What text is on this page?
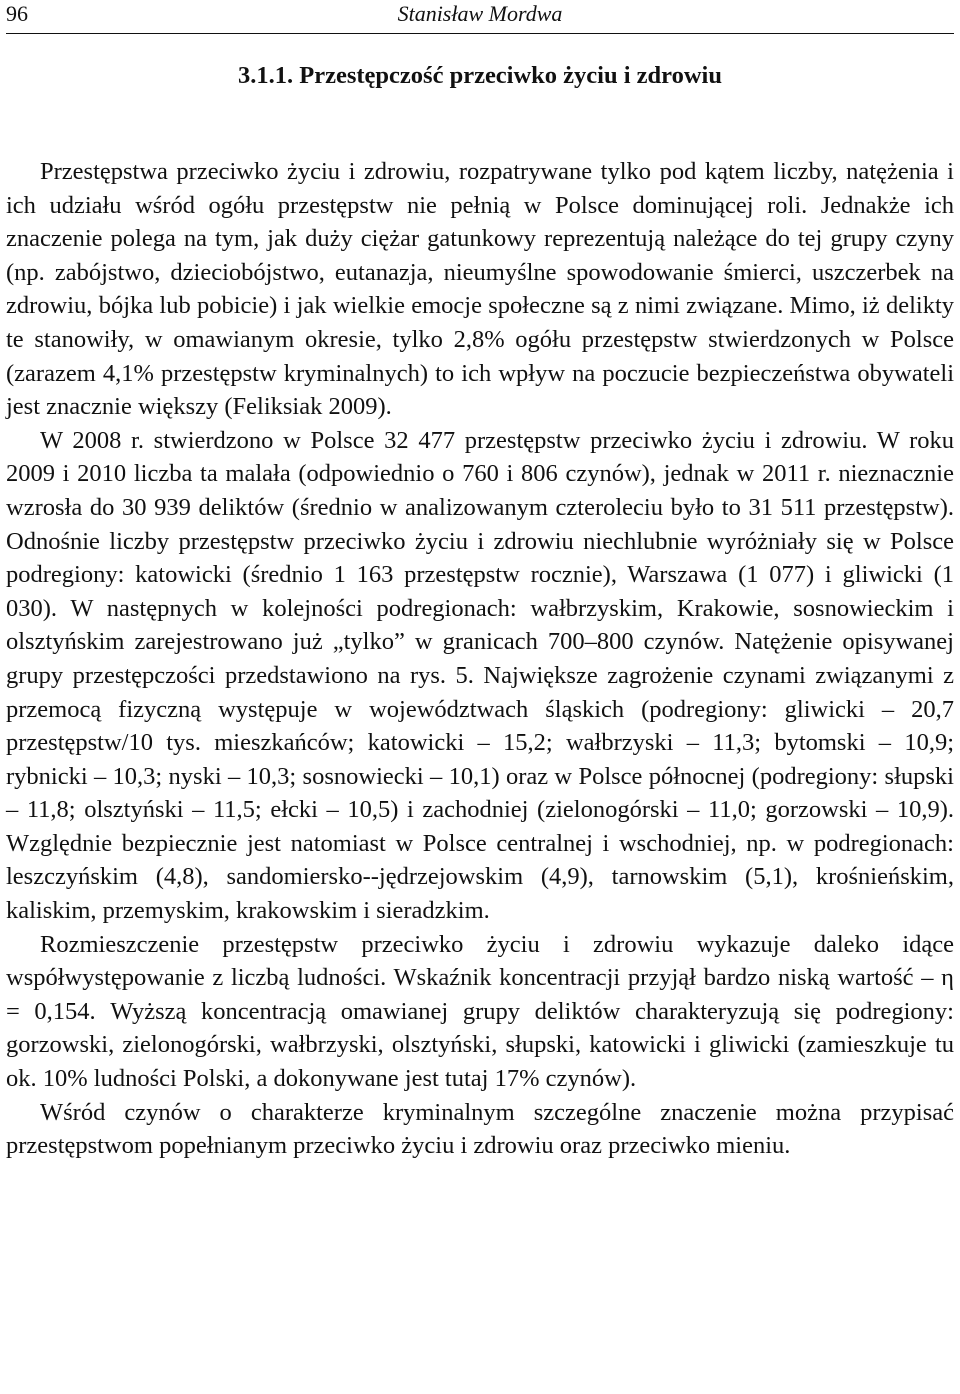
96	Stanisław Mordwa
3.1.1. Przestępczość przeciwko życiu i zdrowiu

Przestępstwa przeciwko życiu i zdrowiu, rozpatrywane tylko pod kątem liczby, natężenia i ich udziału wśród ogółu przestępstw nie pełnią w Polsce dominującej roli. Jednakże ich znaczenie polega na tym, jak duży ciężar gatunkowy reprezentują należące do tej grupy czyny (np. zabójstwo, dzieciobójstwo, eutanazja, nieumyślne spowodowanie śmierci, uszczerbek na zdrowiu, bójka lub pobicie) i jak wielkie emocje społeczne są z nimi związane. Mimo, iż delikty te stanowiły, w omawianym okresie, tylko 2,8% ogółu przestępstw stwierdzonych w Polsce (zarazem 4,1% przestępstw kryminalnych) to ich wpływ na poczucie bezpieczeństwa obywateli jest znacznie większy (Feliksiak 2009).

W 2008 r. stwierdzono w Polsce 32 477 przestępstw przeciwko życiu i zdrowiu. W roku 2009 i 2010 liczba ta malała (odpowiednio o 760 i 806 czynów), jednak w 2011 r. nieznacznie wzrosła do 30 939 deliktów (średnio w analizowanym czteroleciu było to 31 511 przestępstw). Odnośnie liczby przestępstw przeciwko życiu i zdrowiu niechlubnie wyróżniały się w Polsce podregiony: katowicki (średnio 1 163 przestępstw rocznie), Warszawa (1 077) i gliwicki (1 030). W następnych w kolejności podregionach: wałbrzyskim, Krakowie, sosnowieckim i olsztyńskim zarejestrowano już „tylko” w granicach 700–800 czynów. Natężenie opisywanej grupy przestępczości przedstawiono na rys. 5. Największe zagrożenie czynami związanymi z przemocą fizyczną występuje w województwach śląskich (podregiony: gliwicki – 20,7 przestępstw/10 tys. mieszkańców; katowicki – 15,2; wałbrzyski – 11,3; bytomski – 10,9; rybnicki – 10,3; nyski – 10,3; sosnowiecki – 10,1) oraz w Polsce północnej (podregiony: słupski – 11,8; olsztyński – 11,5; ełcki – 10,5) i zachodniej (zielonogórski – 11,0; gorzowski – 10,9). Względnie bezpiecznie jest natomiast w Polsce centralnej i wschodniej, np. w podregionach: leszczyńskim (4,8), sandomiersko--jędrzejowskim (4,9), tarnowskim (5,1), krośnieńskim, kaliskim, przemyskim, krakowskim i sieradzkim.

Rozmieszczenie przestępstw przeciwko życiu i zdrowiu wykazuje daleko idące współwystępowanie z liczbą ludności. Wskaźnik koncentracji przyjął bardzo niską wartość – η = 0,154. Wyższą koncentracją omawianej grupy deliktów charakteryzują się podregiony: gorzowski, zielonogórski, wałbrzyski, olsztyński, słupski, katowicki i gliwicki (zamieszkuje tu ok. 10% ludności Polski, a dokonywane jest tutaj 17% czynów).

Wśród czynów o charakterze kryminalnym szczególne znaczenie można przypisać przestępstwom popełnianym przeciwko życiu i zdrowiu oraz przeciwko mieniu.
